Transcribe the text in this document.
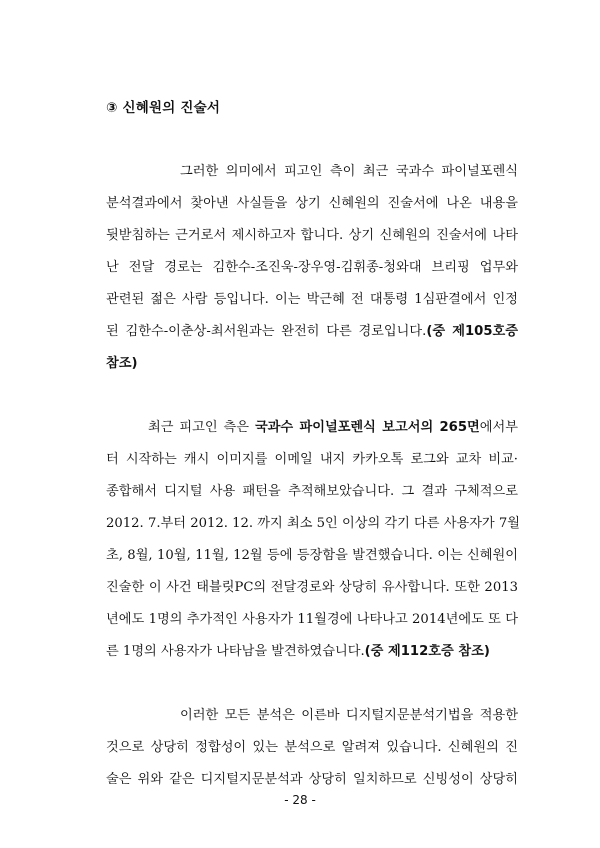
③ 신혜원의 진술서
그러한 의미에서 피고인 측이 최근 국과수 파이널포렌식
분석결과에서 찾아낸 사실들을 상기 신혜원의 진술서에 나온 내용을
뒷받침하는 근거로서 제시하고자 합니다. 상기 신혜원의 진술서에 나타
난 전달 경로는 김한수-조진욱-장우영-김휘종-청와대 브리핑 업무와
관련된 젊은 사람 등입니다. 이는 박근혜 전 대통령 1심판결에서 인정
된 김한수-이춘상-최서원과는 완전히 다른 경로입니다.(중 제105호증
참조)
최근 피고인 측은 국과수 파이널포렌식 보고서의 265면에서부
터 시작하는 캐시 이미지를 이메일 내지 카카오톡 로그와 교차 비교·
종합해서 디지털 사용 패턴을 추적해보았습니다. 그 결과 구체적으로
2012. 7.부터 2012. 12. 까지 최소 5인 이상의 각기 다른 사용자가 7월
초, 8월, 10월, 11월, 12월 등에 등장함을 발견했습니다. 이는 신혜원이
진술한 이 사건 태블릿PC의 전달경로와 상당히 유사합니다. 또한 2013
년에도 1명의 추가적인 사용자가 11월경에 나타나고 2014년에도 또 다
른 1명의 사용자가 나타남을 발견하였습니다.(중 제112호증 참조)
이러한 모든 분석은 이른바 디지털지문분석기법을 적용한
것으로 상당히 정합성이 있는 분석으로 알려져 있습니다. 신혜원의 진
술은 위와 같은 디지털지문분석과 상당히 일치하므로 신빙성이 상당히
- 28 -
